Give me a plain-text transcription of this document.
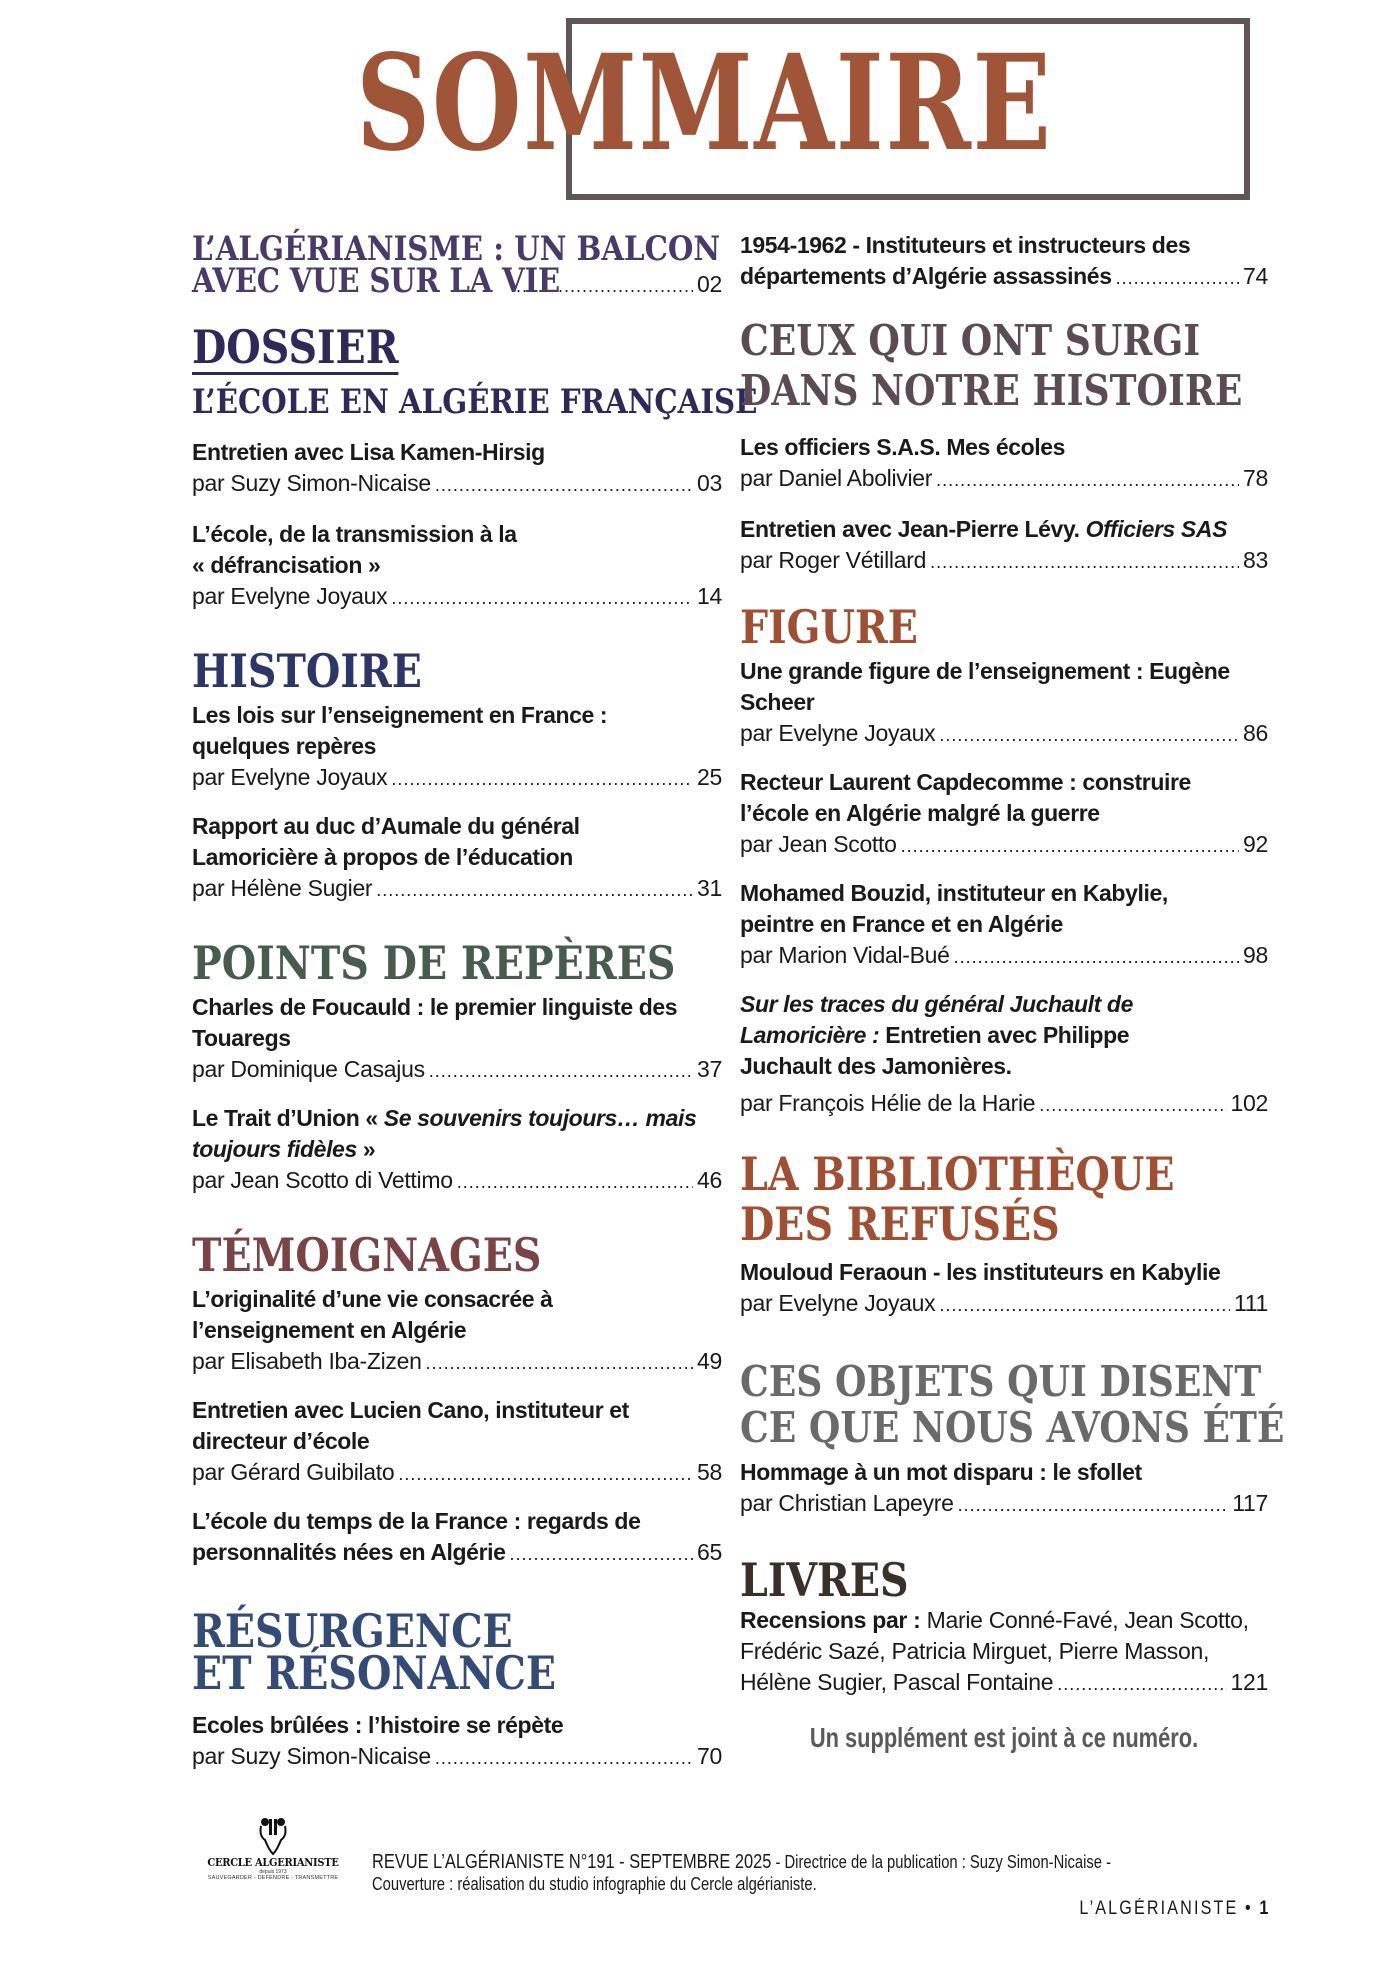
SOMMAIRE
L’ALGÉRIANISME : UN BALCON
AVEC VUE SUR LA VIE .....	02
DOSSIER
L’ÉCOLE EN ALGÉRIE FRANÇAISE
Entretien avec Lisa Kamen-Hirsig
par Suzy Simon-Nicaise .....	03
L’école, de la transmission à la
« défrancisation »
par Evelyne Joyaux .....	14
HISTOIRE
Les lois sur l’enseignement en France :
quelques repères
par Evelyne Joyaux .....	25
Rapport au duc d’Aumale du général
Lamoricière à propos de l’éducation
par Hélène Sugier .....	31
POINTS DE REPÈRES
Charles de Foucauld : le premier linguiste des
Touaregs
par Dominique Casajus .....	37
Le Trait d’Union « Se souvenirs toujours… mais
toujours fidèles »
par Jean Scotto di Vettimo .....	46
TÉMOIGNAGES
L’originalité d’une vie consacrée à
l’enseignement en Algérie
par Elisabeth Iba-Zizen .....	49
Entretien avec Lucien Cano, instituteur et
directeur d’école
par Gérard Guibilato .....	58
L’école du temps de la France : regards de
personnalités nées en Algérie .....	65
RÉSURGENCE
ET RÉSONANCE
Ecoles brûlées : l’histoire se répète
par Suzy Simon-Nicaise .....	70
1954-1962 - Instituteurs et instructeurs des
départements d’Algérie assassinés .....	74
CEUX QUI ONT SURGI
DANS NOTRE HISTOIRE
Les officiers S.A.S. Mes écoles
par Daniel Abolivier .....	78
Entretien avec Jean-Pierre Lévy. Officiers SAS
par Roger Vétillard .....	83
FIGURE
Une grande figure de l’enseignement : Eugène
Scheer
par Evelyne Joyaux .....	86
Recteur Laurent Capdecomme : construire
l’école en Algérie malgré la guerre
par Jean Scotto .....	92
Mohamed Bouzid, instituteur en Kabylie,
peintre en France et en Algérie
par Marion Vidal-Bué .....	98
Sur les traces du général Juchault de
Lamoricière : Entretien avec Philippe
Juchault des Jamonières.
par François Hélie de la Harie .....	102
LA BIBLIOTHÈQUE
DES REFUSÉS
Mouloud Feraoun - les instituteurs en Kabylie
par Evelyne Joyaux .....	111
CES OBJETS QUI DISENT
CE QUE NOUS AVONS ÉTÉ
Hommage à un mot disparu : le sfollet
par Christian Lapeyre .....	117
LIVRES
Recensions par : Marie Conné-Favé, Jean Scotto,
Frédéric Sazé, Patricia Mirguet, Pierre Masson,
Hélène Sugier, Pascal Fontaine .....	121
Un supplément est joint à ce numéro.
CERCLE ALGERIANISTE
depuis 1973
SAUVEGARDER - DEFENDRE - TRANSMETTRE
REVUE L’ALGÉRIANISTE N°191 - SEPTEMBRE 2025 - Directrice de la publication : Suzy Simon-Nicaise -
Couverture : réalisation du studio infographie du Cercle algérianiste.
L’ALGÉRIANISTE • 1
